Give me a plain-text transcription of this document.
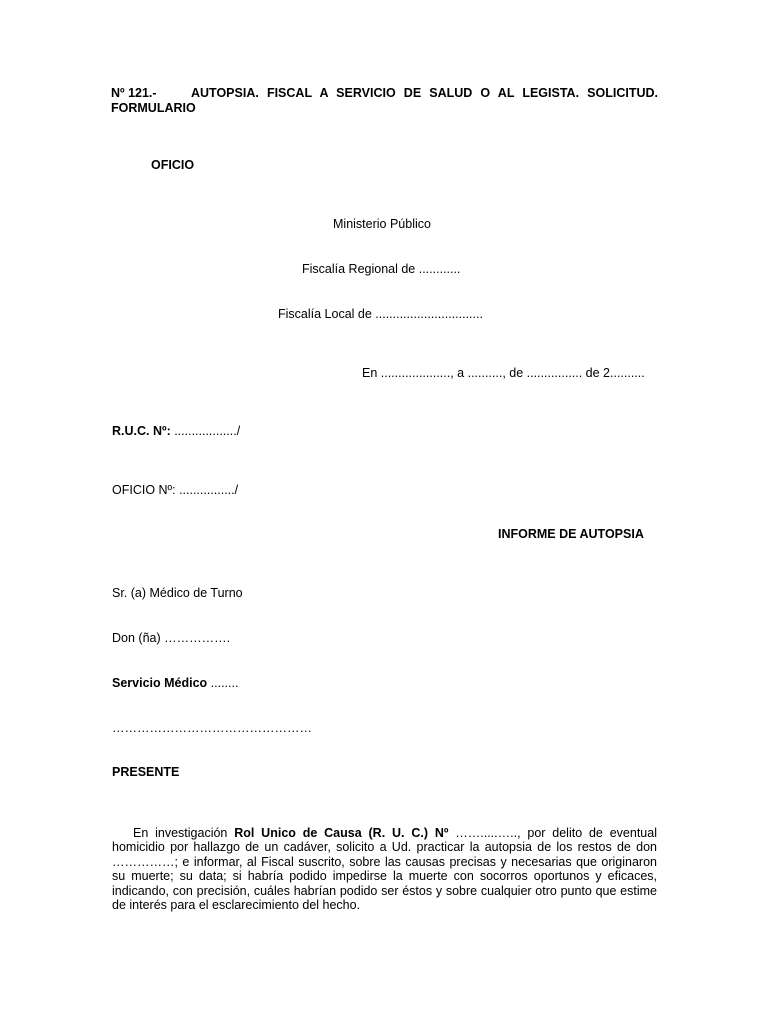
Nº 121.-	AUTOPSIA. FISCAL A SERVICIO DE SALUD O AL LEGISTA. SOLICITUD. FORMULARIO
OFICIO
Ministerio Público
Fiscalía Regional de ............
Fiscalía Local de ...............................
En ...................., a .........., de ................ de 2..........
R.U.C. Nº: ................../
OFICIO Nº: ................/
INFORME DE AUTOPSIA
Sr. (a) Médico de Turno
Don (ña) …………….
Servicio Médico ........
…………………………………………
PRESENTE
En investigación Rol Unico de Causa (R. U. C.) Nº …….....….., por delito de eventual homicidio por hallazgo de un cadáver, solicito a Ud. practicar la autopsia de los restos de don ……………; e informar, al Fiscal suscrito, sobre las causas precisas y necesarias que originaron su muerte; su data; si habría podido impedirse la muerte con socorros oportunos y eficaces, indicando, con precisión, cuáles habrían podido ser éstos y sobre cualquier otro punto que estime de interés para el esclarecimiento del hecho.
